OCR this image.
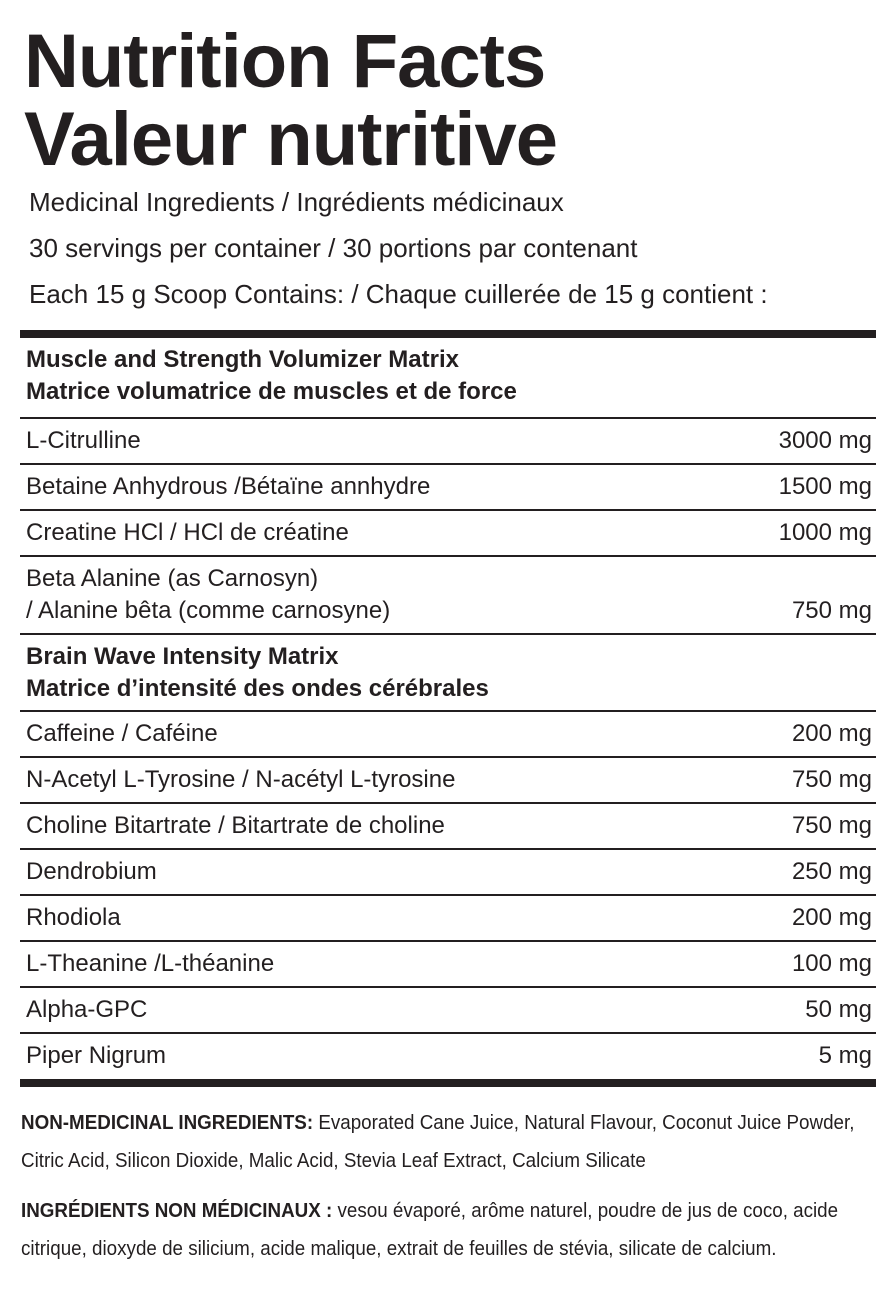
Nutrition Facts
Valeur nutritive
Medicinal Ingredients / Ingrédients médicinaux
30 servings per container / 30 portions par contenant
Each 15 g Scoop Contains: / Chaque cuillerée de 15 g contient :
Muscle and Strength Volumizer Matrix
Matrice volumatrice de muscles et de force	

L-Citrulline	3000 mg
Betaine Anhydrous /Bétaïne annhydre	1500 mg
Creatine HCl / HCl de créatine	1000 mg

Beta Alanine (as Carnosyn)
/ Alanine bêta (comme carnosyne)	750 mg

Brain Wave Intensity Matrix
Matrice d’intensité des ondes cérébrales	

Caffeine / Caféine	200 mg
N-Acetyl L-Tyrosine / N-acétyl L-tyrosine	750 mg
Choline Bitartrate / Bitartrate de choline	750 mg
Dendrobium	250 mg
Rhodiola	200 mg
L-Theanine /L-théanine	100 mg
Alpha-GPC	50 mg
Piper Nigrum	5 mg

NON-MEDICINAL INGREDIENTS: Evaporated Cane Juice, Natural Flavour, Coconut Juice Powder, Citric Acid, Silicon Dioxide, Malic Acid, Stevia Leaf Extract, Calcium Silicate

INGRÉDIENTS NON MÉDICINAUX : vesou évaporé, arôme naturel, poudre de jus de coco, acide citrique, dioxyde de silicium, acide malique, extrait de feuilles de stévia, silicate de calcium.
